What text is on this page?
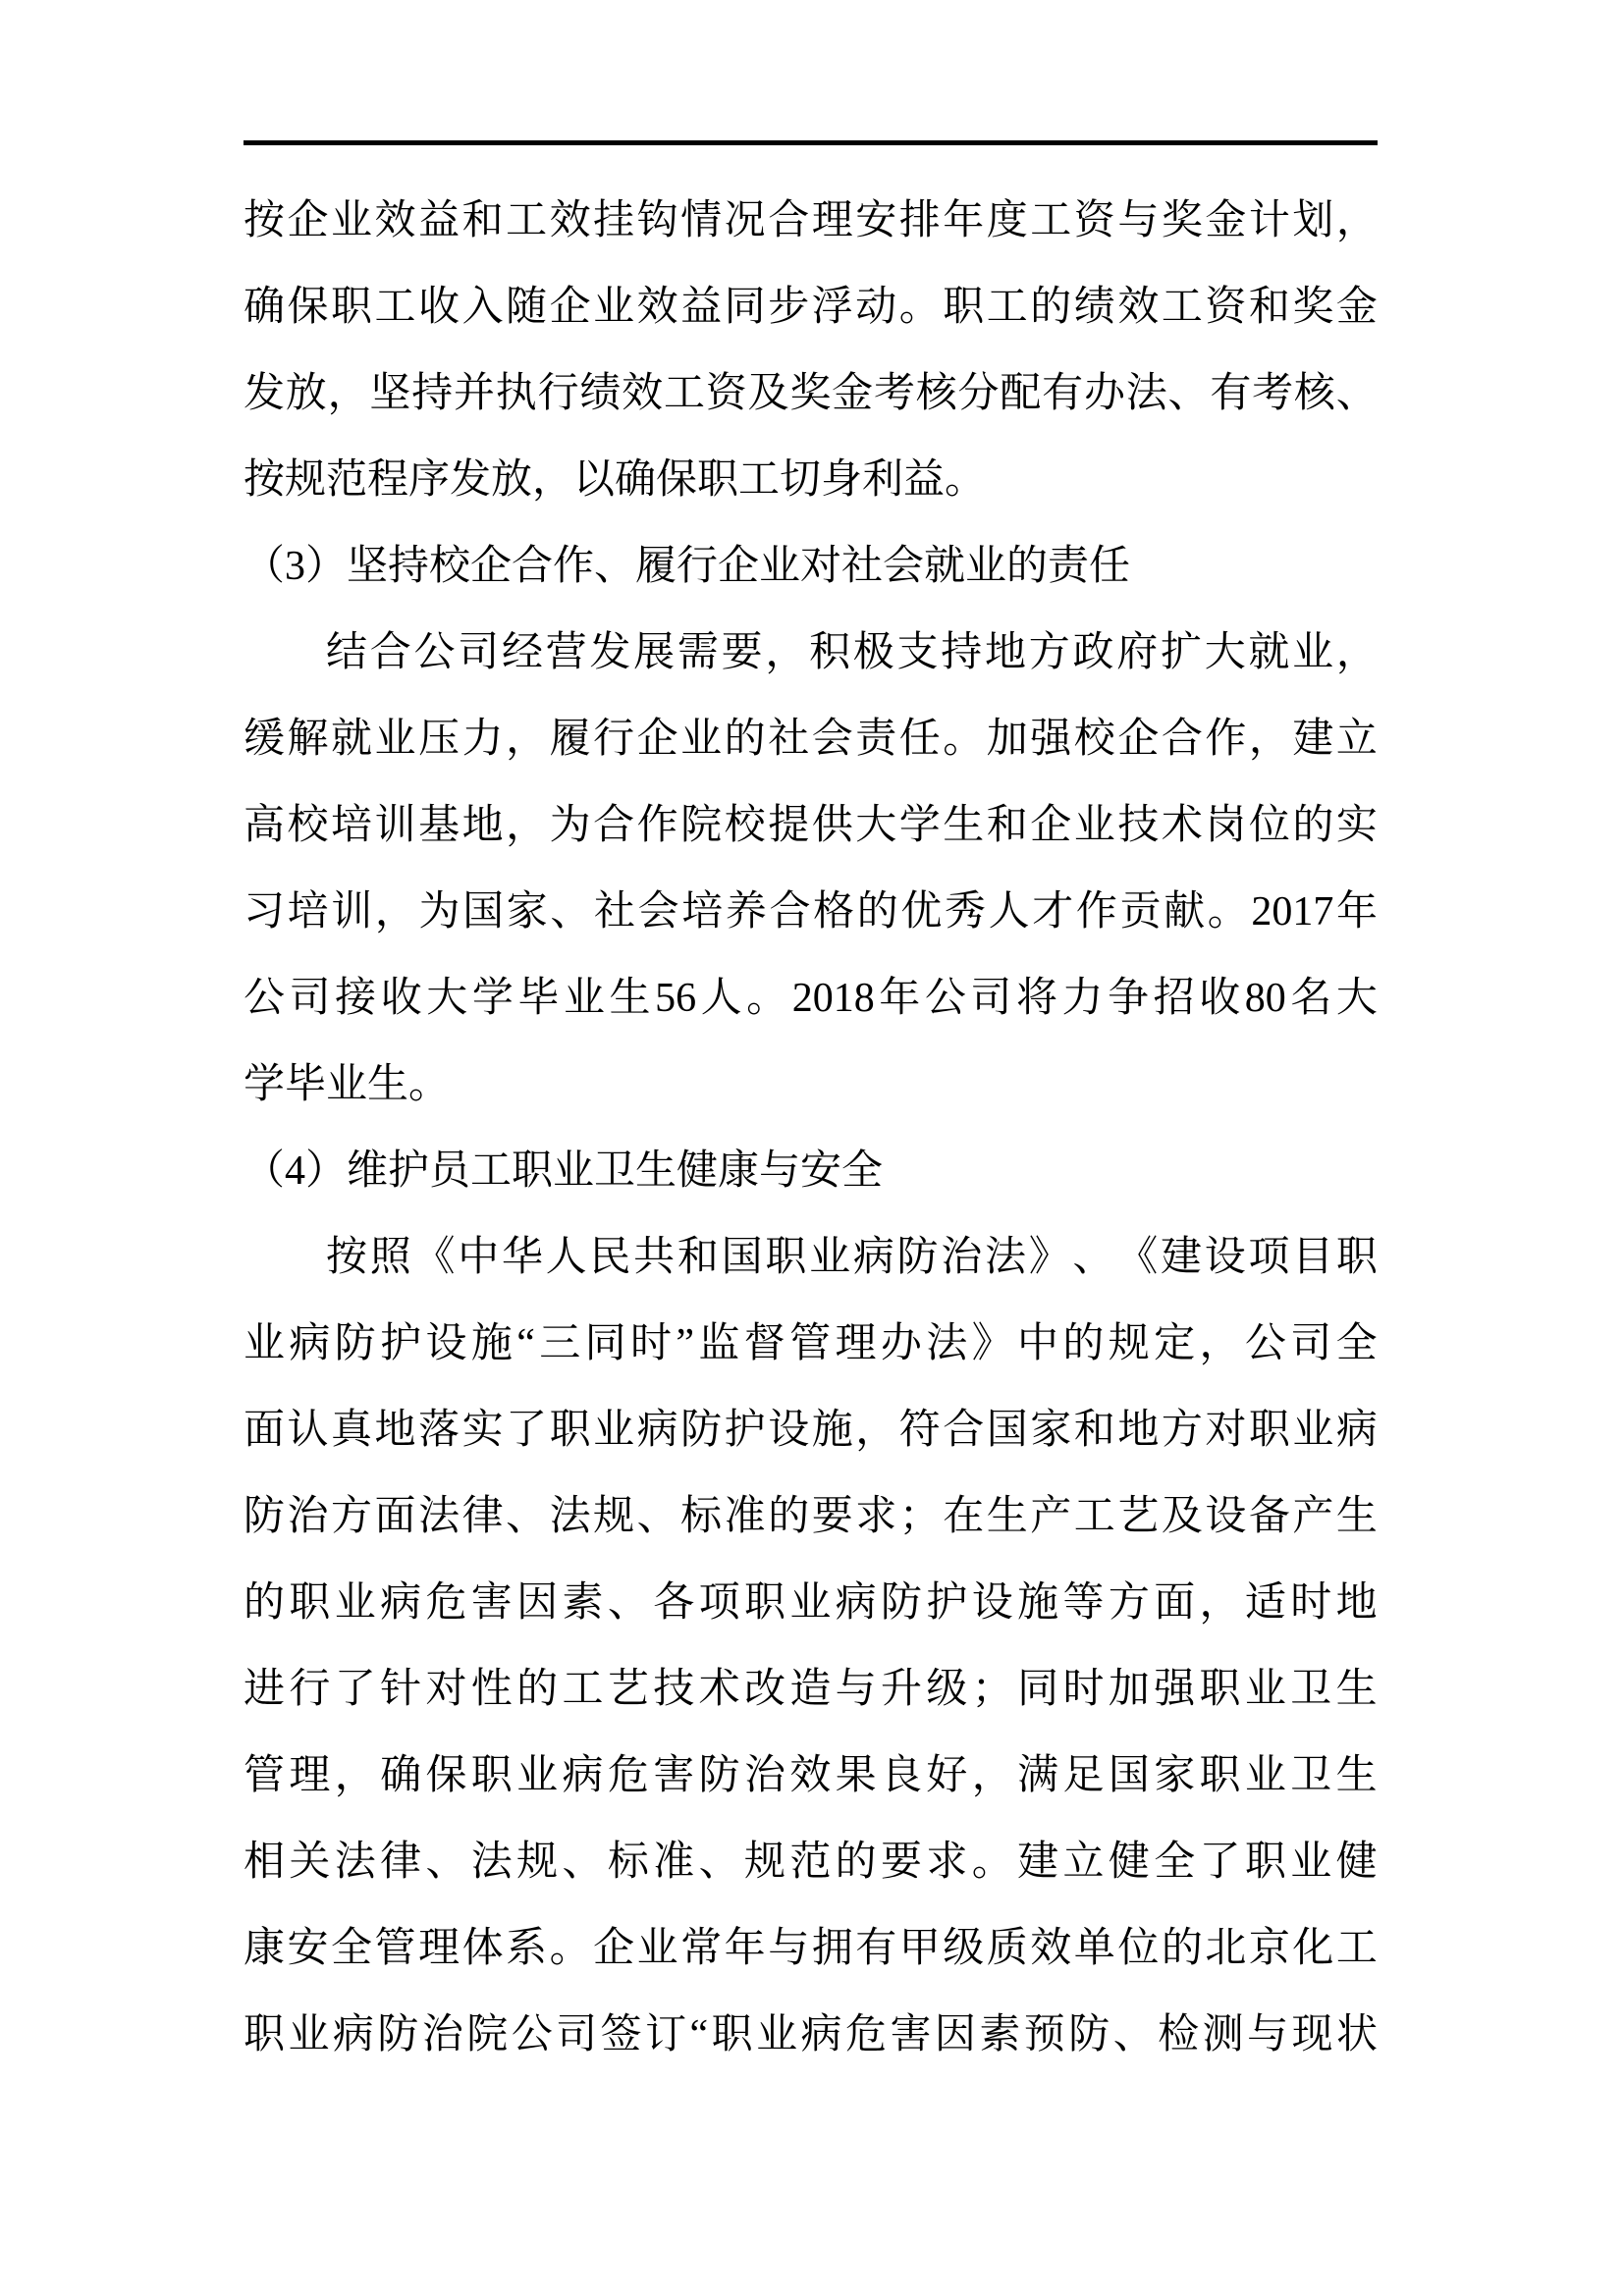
按 企 业 效 益 和 工 效 挂 钩 情 况 合 理 安 排 年 度 工 资 与 奖 金 计 划 ，
确 保 职 工 收 入 随 企 业 效 益 同 步 浮 动 。 职 工 的 绩 效 工 资 和 奖 金
发 放 ， 坚 持 并 执 行 绩 效 工 资 及 奖 金 考 核 分 配 有 办 法 、 有 考 核 、
按规范程序发放，以确保职工切身利益。
（3）坚持校企合作、履行企业对社会就业的责任
结 合 公 司 经 营 发 展 需 要 ， 积 极 支 持 地 方 政 府 扩 大 就 业 ，
缓 解 就 业 压 力 ， 履 行 企 业 的 社 会 责 任 。 加 强 校 企 合 作 ， 建 立
高 校 培 训 基 地 ， 为 合 作 院 校 提 供 大 学 生 和 企 业 技 术 岗 位 的 实
习 培 训 ， 为 国 家 、 社 会 培 养 合 格 的 优 秀 人 才 作 贡 献 。 2017 年
公 司 接 收 大 学 毕 业 生 56 人 。 2018 年 公 司 将 力 争 招 收 80 名 大
学毕业生。
（4）维护员工职业卫生健康与安全
按 照 《 中 华 人 民 共 和 国 职 业 病 防 治 法 》 、 《 建 设 项 目 职
业 病 防 护 设 施 “ 三 同 时 ” 监 督 管 理 办 法 》 中 的 规 定 ， 公 司 全
面 认 真 地 落 实 了 职 业 病 防 护 设 施 ， 符 合 国 家 和 地 方 对 职 业 病
防 治 方 面 法 律 、 法 规 、 标 准 的 要 求 ； 在 生 产 工 艺 及 设 备 产 生
的 职 业 病 危 害 因 素 、 各 项 职 业 病 防 护 设 施 等 方 面 ， 适 时 地
进 行 了 针 对 性 的 工 艺 技 术 改 造 与 升 级 ； 同 时 加 强 职 业 卫 生
管 理 ， 确 保 职 业 病 危 害 防 治 效 果 良 好 ， 满 足 国 家 职 业 卫 生
相 关 法 律 、 法 规 、 标 准 、 规 范 的 要 求 。 建 立 健 全 了 职 业 健
康 安 全 管 理 体 系 。 企 业 常 年 与 拥 有 甲 级 质 效 单 位 的 北 京 化 工
职 业 病 防 治 院 公 司 签 订 “ 职 业 病 危 害 因 素 预 防 、 检 测 与 现 状
